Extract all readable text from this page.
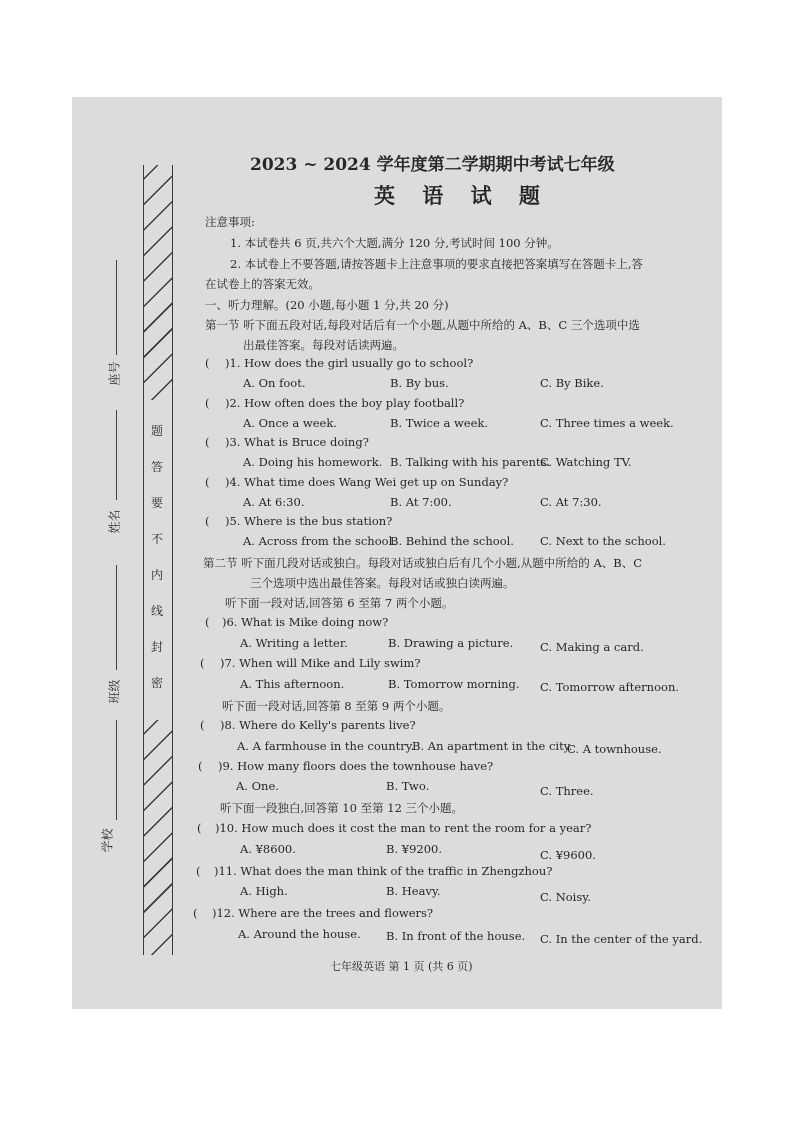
题
答
要
不
内
线
封
密
座号
姓名
班级
学校
2023 ~ 2024 学年度第二学期期中考试七年级
英 语 试 题
注意事项:
1. 本试卷共 6 页,共六个大题,满分 120 分,考试时间 100 分钟。
2. 本试卷上不要答题,请按答题卡上注意事项的要求直接把答案填写在答题卡上,答
在试卷上的答案无效。
一、听力理解。(20 小题,每小题 1 分,共 20 分)
第一节 听下面五段对话,每段对话后有一个小题,从题中所给的 A、B、C 三个选项中选
出最佳答案。每段对话读两遍。
( )1. How does the girl usually go to school?
A. On foot.	B. By bus.	C. By Bike.
( )2. How often does the boy play football?
A. Once a week.	B. Twice a week.	C. Three times a week.
( )3. What is Bruce doing?
A. Doing his homework. B. Talking with his parents.
C. Watching TV.
( )4. What time does Wang Wei get up on Sunday?
A. At 6:30.	B. At 7:00.	C. At 7:30.
( )5. Where is the bus station?
A. Across from the school.
B. Behind the school. C. Next to the school.
第二节 听下面几段对话或独白。每段对话或独白后有几个小题,从题中所给的 A、B、C
三个选项中选出最佳答案。每段对话或独白读两遍。
听下面一段对话,回答第 6 至第 7 两个小题。
( )6. What is Mike doing now?
A. Writing a letter.	B. Drawing a picture. C. Making a card.
( )7. When will Mike and Lily swim?
A. This afternoon.	B. Tomorrow morning. C. Tomorrow afternoon.
听下面一段对话,回答第 8 至第 9 两个小题。
( )8. Where do Kelly's parents live?
A. A farmhouse in the country.
B. An apartment in the city.
C. A townhouse.
( )9. How many floors does the townhouse have?
A. One.	B. Two.	C. Three.
听下面一段独白,回答第 10 至第 12 三个小题。
( )10. How much does it cost the man to rent the room for a year?
A. ¥8600.	B. ¥9200.	C. ¥9600.
( )11. What does the man think of the traffic in Zhengzhou?
A. High.	B. Heavy.	C. Noisy.
( )12. Where are the trees and flowers?
A. Around the house. B. In front of the house. C. In the center of the yard.
七年级英语 第 1 页 (共 6 页)
